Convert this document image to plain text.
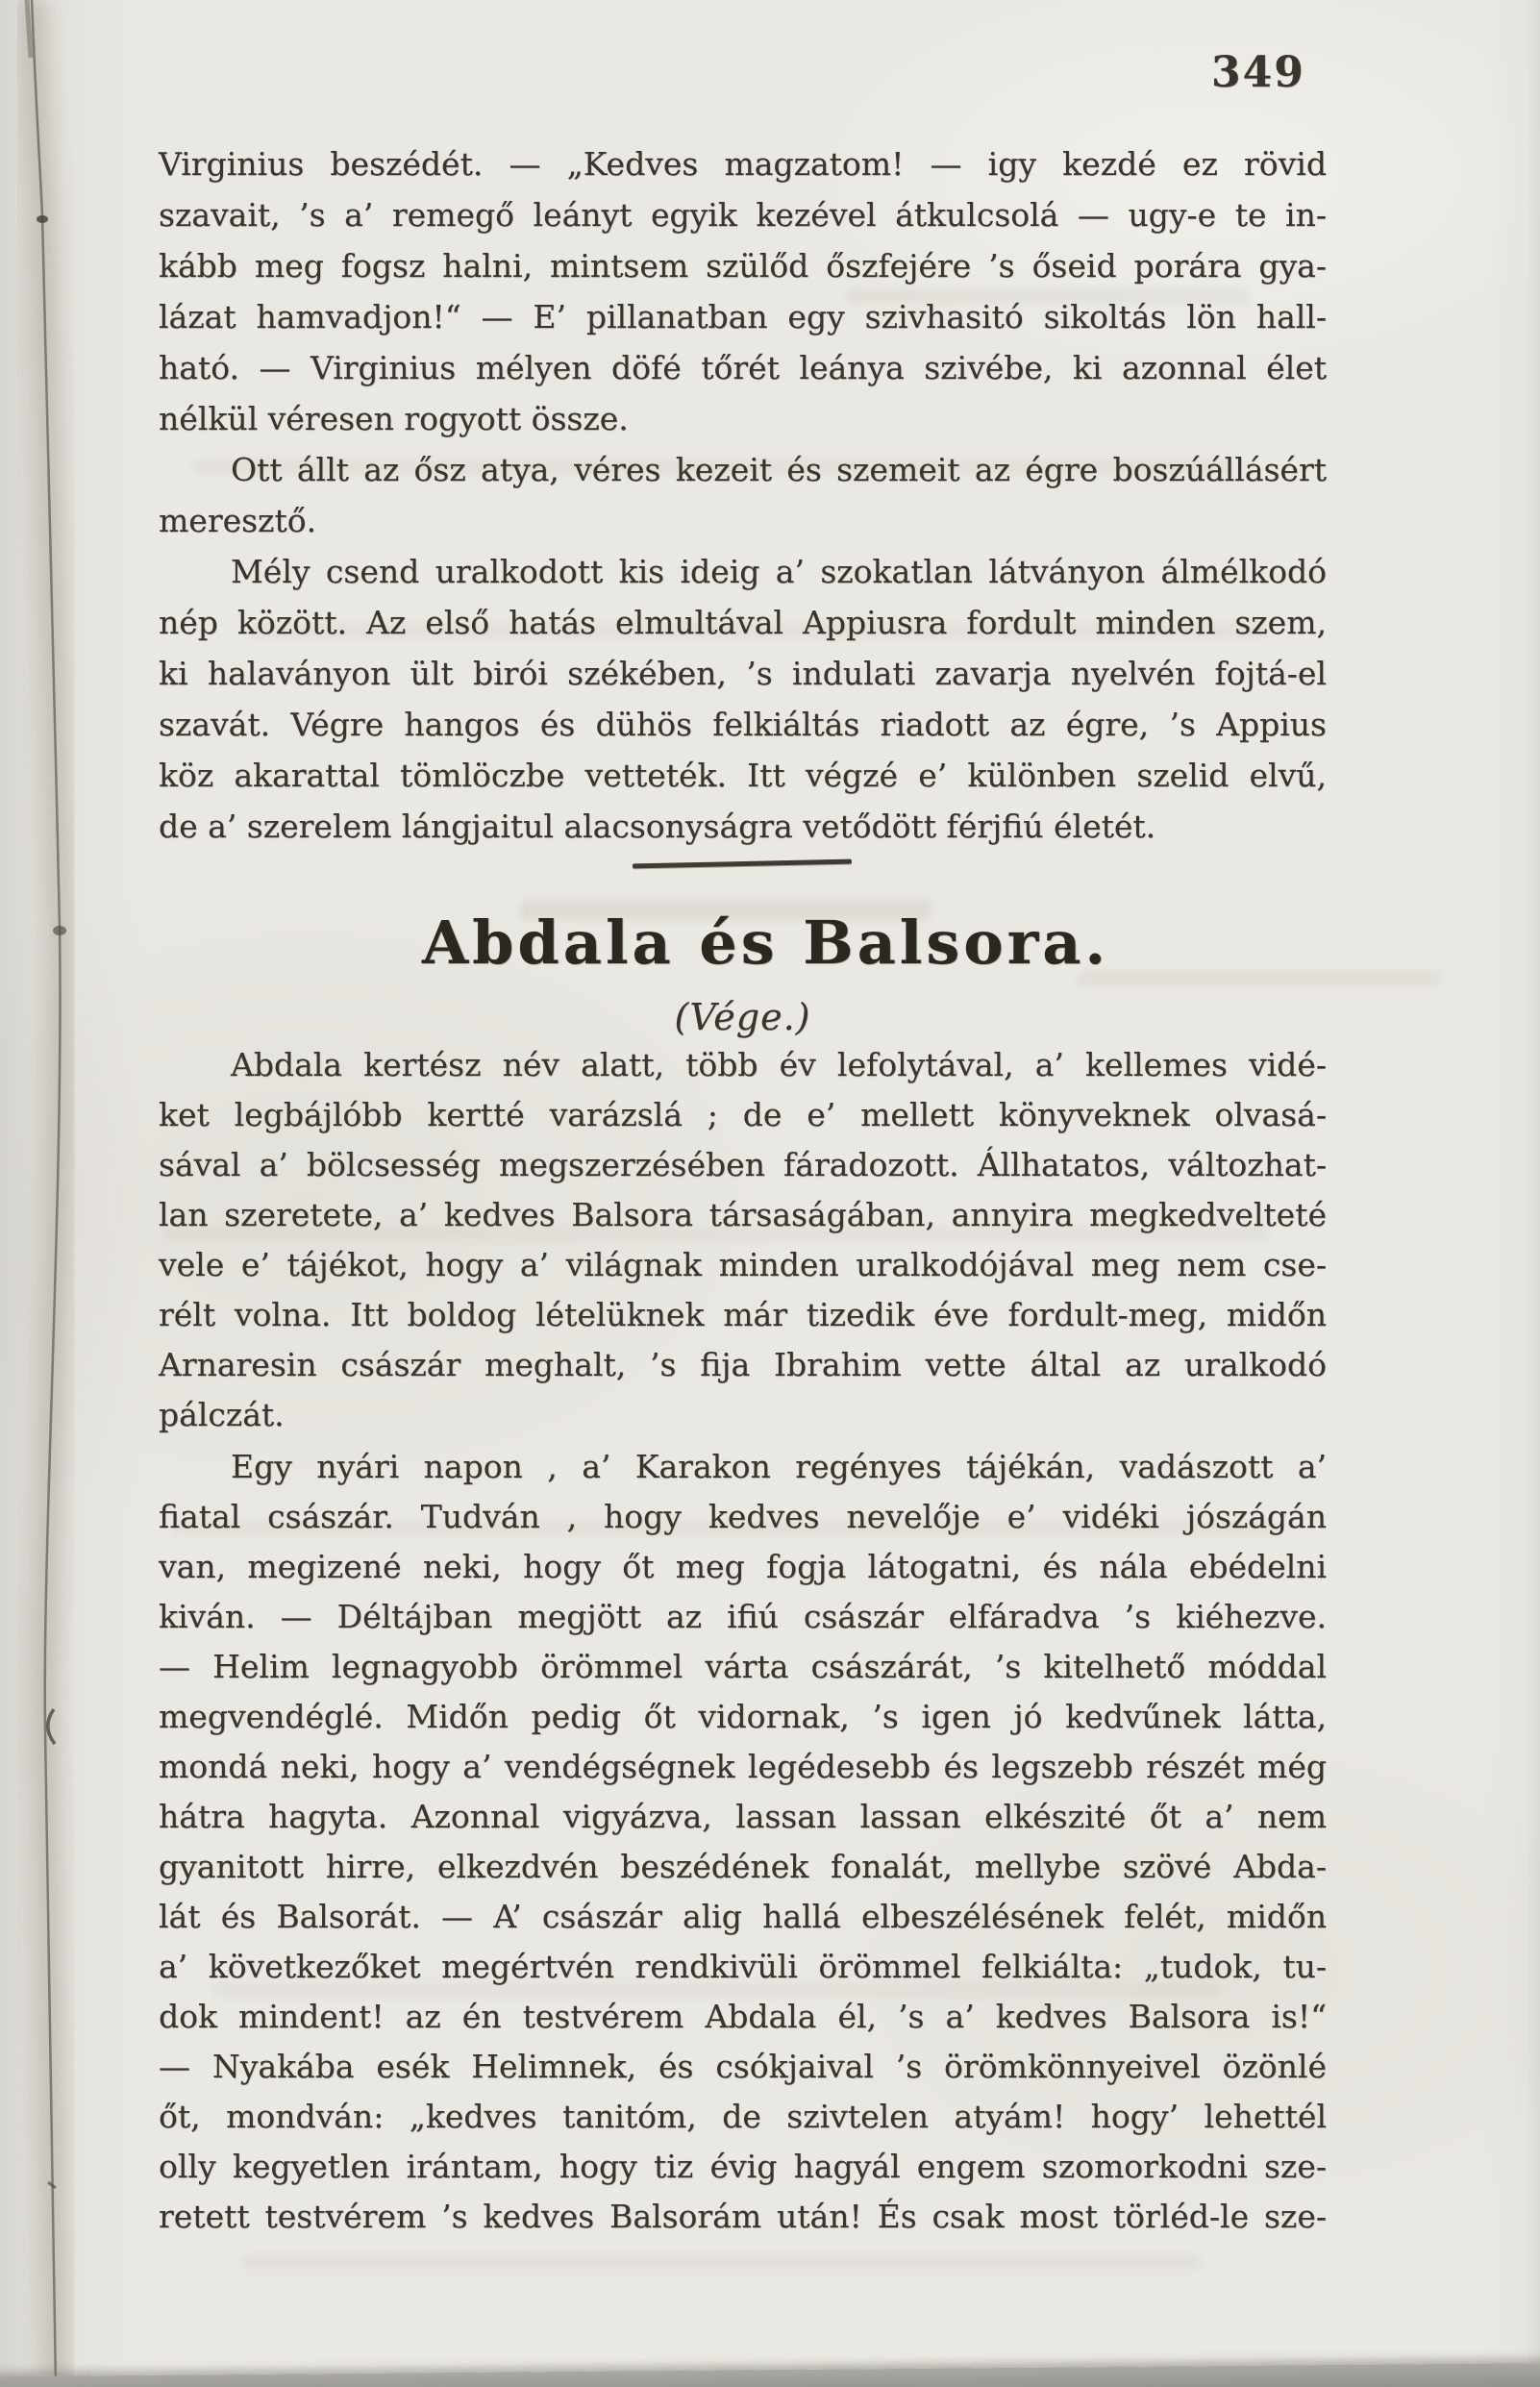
349
Virginius beszédét. — „Kedves magzatom! — igy kezdé ez rövid
szavait, ’s a’ remegő leányt egyik kezével átkulcsolá — ugy-e te in-
kább meg fogsz halni, mintsem szülőd őszfejére ’s őseid porára gya-
lázat hamvadjon!“ — E’ pillanatban egy szivhasitó sikoltás lön hall-
ható. — Virginius mélyen döfé tőrét leánya szivébe, ki azonnal élet
nélkül véresen rogyott össze.
Ott állt az ősz atya, véres kezeit és szemeit az égre boszúállásért
meresztő.
Mély csend uralkodott kis ideig a’ szokatlan látványon álmélkodó
nép között. Az első hatás elmultával Appiusra fordult minden szem,
ki halaványon ült birói székében, ’s indulati zavarja nyelvén fojtá-el
szavát. Végre hangos és dühös felkiáltás riadott az égre, ’s Appius
köz akarattal tömlöczbe vetteték. Itt végzé e’ különben szelid elvű,
de a’ szerelem lángjaitul alacsonyságra vetődött férjfiú életét.
Abdala és Balsora.
(Vége.)
Abdala kertész név alatt, több év lefolytával, a’ kellemes vidé-
ket legbájlóbb kertté varázslá ; de e’ mellett könyveknek olvasá-
sával a’ bölcsesség megszerzésében fáradozott. Állhatatos, változhat-
lan szeretete, a’ kedves Balsora társaságában, annyira megkedvelteté
vele e’ tájékot, hogy a’ világnak minden uralkodójával meg nem cse-
rélt volna. Itt boldog lételüknek már tizedik éve fordult-meg, midőn
Arnaresin császár meghalt, ’s fija Ibrahim vette által az uralkodó
pálczát.
Egy nyári napon , a’ Karakon regényes tájékán, vadászott a’
fiatal császár. Tudván , hogy kedves nevelője e’ vidéki jószágán
van, megizené neki, hogy őt meg fogja látogatni, és nála ebédelni
kiván. — Déltájban megjött az ifiú császár elfáradva ’s kiéhezve.
— Helim legnagyobb örömmel várta császárát, ’s kitelhető móddal
megvendéglé. Midőn pedig őt vidornak, ’s igen jó kedvűnek látta,
mondá neki, hogy a’ vendégségnek legédesebb és legszebb részét még
hátra hagyta. Azonnal vigyázva, lassan lassan elkészité őt a’ nem
gyanitott hirre, elkezdvén beszédének fonalát, mellybe szövé Abda-
lát és Balsorát. — A’ császár alig hallá elbeszélésének felét, midőn
a’ következőket megértvén rendkivüli örömmel felkiálta: „tudok, tu-
dok mindent! az én testvérem Abdala él, ’s a’ kedves Balsora is!“
— Nyakába esék Helimnek, és csókjaival ’s örömkönnyeivel özönlé
őt, mondván: „kedves tanitóm, de szivtelen atyám! hogy’ lehettél
olly kegyetlen irántam, hogy tiz évig hagyál engem szomorkodni sze-
retett testvérem ’s kedves Balsorám után! És csak most törléd-le sze-
